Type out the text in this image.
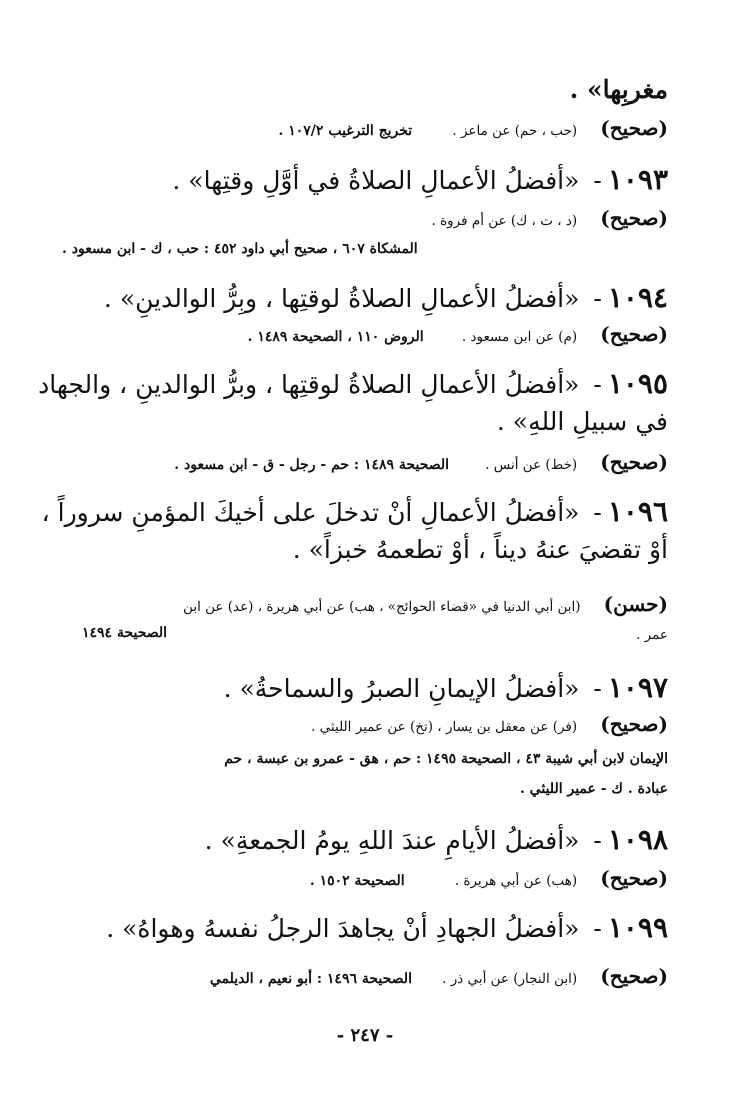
مغربِها» .
(صحيح) (حب ، حم) عن ماعز .  تخريج الترغيب ١٠٧/٢ .
١٠٩٣- «أفضلُ الأعمالِ الصلاةُ في أوَّلِ وقتِها» .
(صحيح) (د ، ت ، ك) عن أم فروة .
المشكاة ٦٠٧ ، صحيح أبي داود ٤٥٢ : حب ، ك - ابن مسعود .
١٠٩٤- «أفضلُ الأعمالِ الصلاةُ لوقتِها ، وبِرُّ الوالدينِ» .
(صحيح) (م) عن ابن مسعود .  الروض ١١٠ ، الصحيحة ١٤٨٩ .
١٠٩٥- «أفضلُ الأعمالِ الصلاةُ لوقتِها ، وبرُّ الوالدينِ ، والجهاد
في سبيلِ اللهِ» .
(صحيح) (خط) عن أنس .  الصحيحة ١٤٨٩ : حم - رجل - ق - ابن مسعود .
١٠٩٦- «أفضلُ الأعمالِ أنْ تدخلَ على أخيكَ المؤمنِ سروراً ،
أوْ تقضيَ عنهُ ديناً ، أوْ تطعمهُ خبزاً» .
(حسن) (ابن أبي الدنيا في «قضاء الحوائج» ، هب) عن أبي هريرة ، (عد) عن ابن
عمر .
الصحيحة ١٤٩٤
١٠٩٧- «أفضلُ الإيمانِ الصبرُ والسماحةُ» .
(صحيح) (فر) عن معقل بن يسار ، (تخ) عن عمير الليثي .
الإيمان لابن أبي شيبة ٤٣ ، الصحيحة ١٤٩٥ : حم ، هق - عمرو بن عبسة ، حم
عبادة . ك - عمير الليثي .
١٠٩٨- «أفضلُ الأيامِ عندَ اللهِ يومُ الجمعةِ» .
(صحيح) (هب) عن أبي هريرة .  الصحيحة ١٥٠٢ .
١٠٩٩- «أفضلُ الجهادِ أنْ يجاهدَ الرجلُ نفسهُ وهواهُ» .
(صحيح) (ابن النجار) عن أبي ذر .  الصحيحة ١٤٩٦ : أبو نعيم ، الديلمي
- ٢٤٧ -
